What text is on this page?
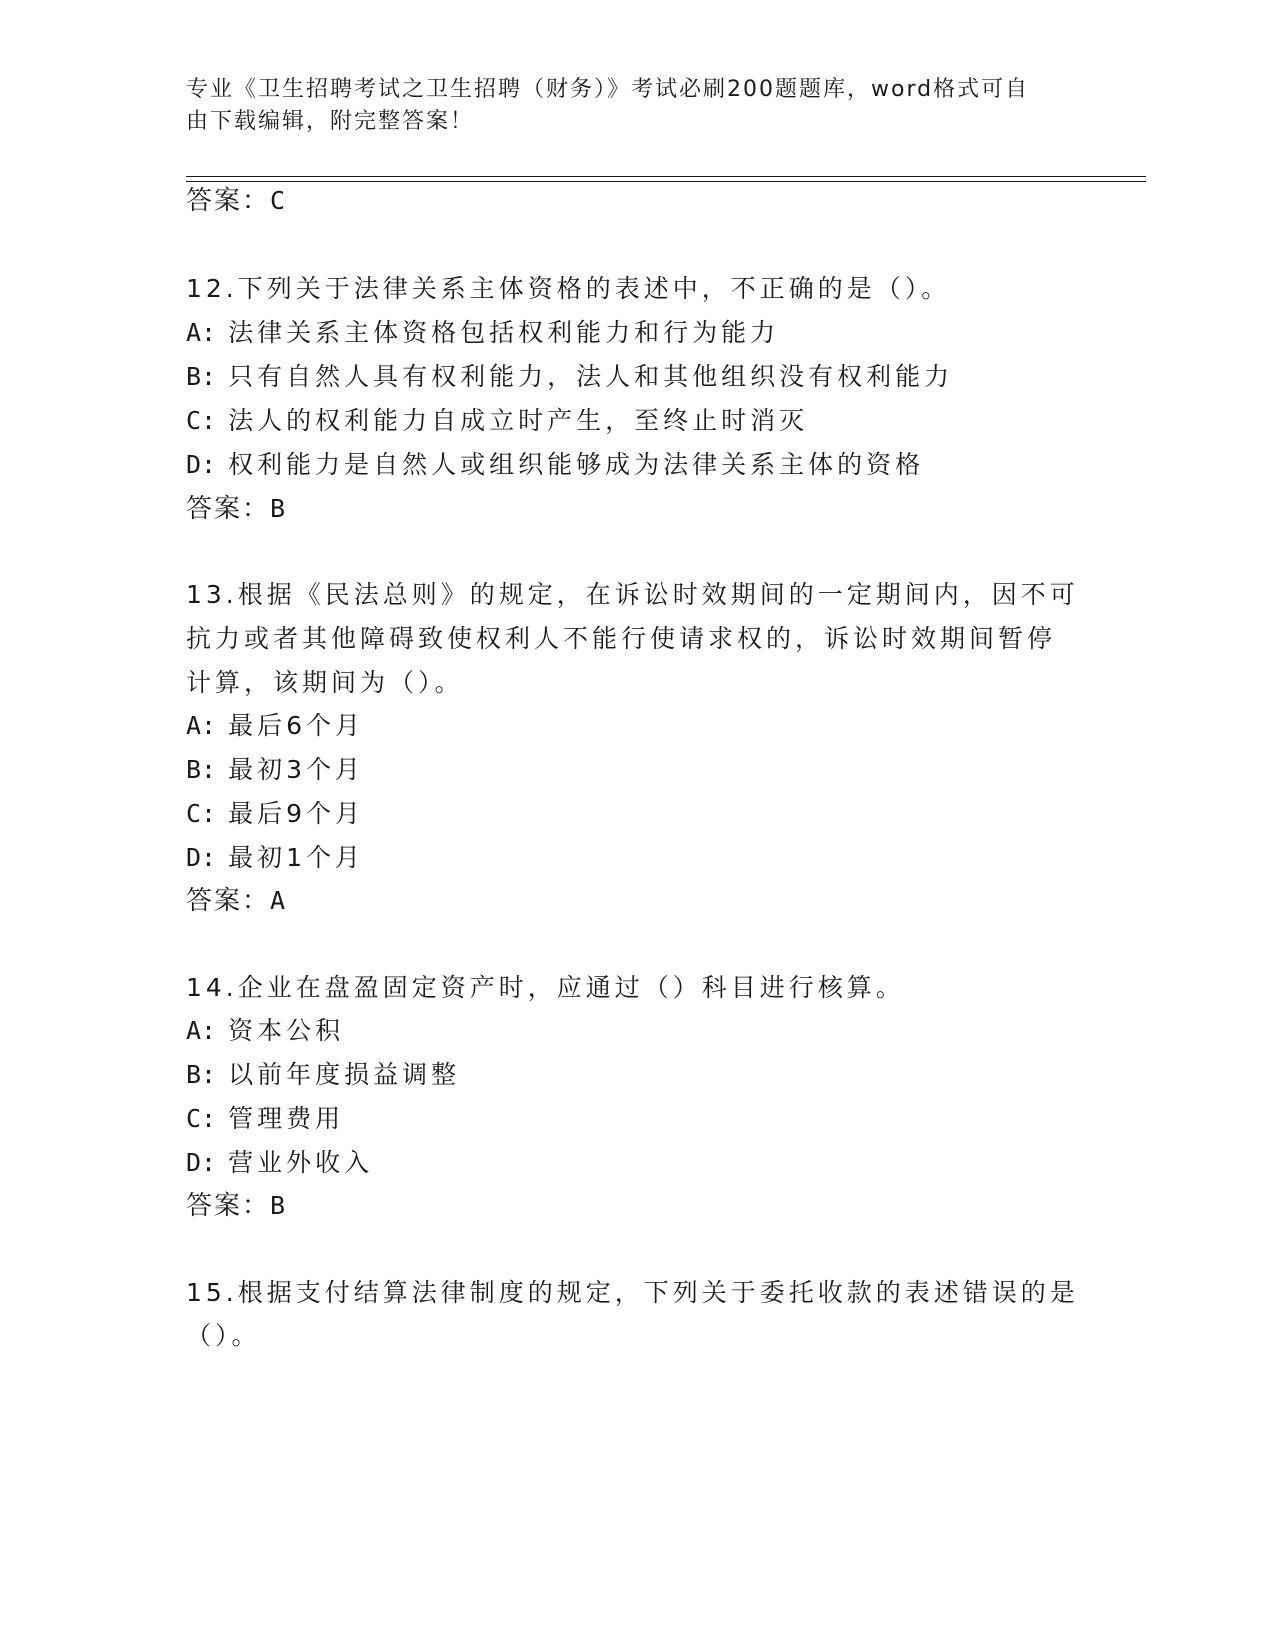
专业《卫生招聘考试之卫生招聘（财务）》考试必刷200题题库，word格式可自
由下载编辑，附完整答案！
答案：C
12.下列关于法律关系主体资格的表述中，不正确的是（）。
A: 法律关系主体资格包括权利能力和行为能力
B: 只有自然人具有权利能力，法人和其他组织没有权利能力
C: 法人的权利能力自成立时产生，至终止时消灭
D: 权利能力是自然人或组织能够成为法律关系主体的资格
答案：B
13.根据《民法总则》的规定，在诉讼时效期间的一定期间内，因不可
抗力或者其他障碍致使权利人不能行使请求权的，诉讼时效期间暂停
计算，该期间为（）。
A: 最后6个月
B: 最初3个月
C: 最后9个月
D: 最初1个月
答案：A
14.企业在盘盈固定资产时，应通过（）科目进行核算。
A: 资本公积
B: 以前年度损益调整
C: 管理费用
D: 营业外收入
答案：B
15.根据支付结算法律制度的规定，下列关于委托收款的表述错误的是
（）。
